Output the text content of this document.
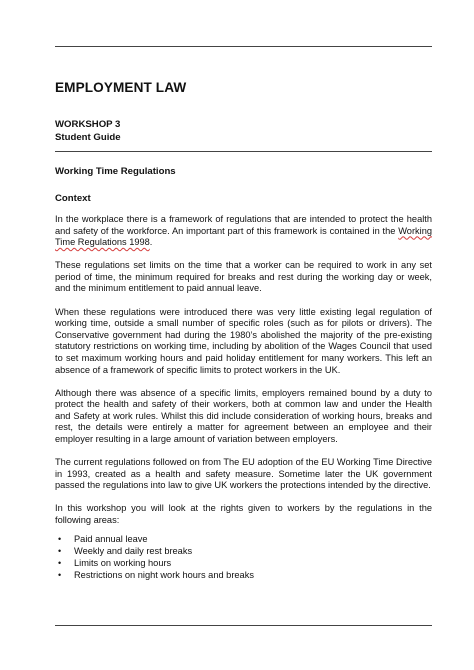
EMPLOYMENT LAW
WORKSHOP 3
Student Guide
Working Time Regulations
Context

In the workplace there is a framework of regulations that are intended to protect the health and safety of the workforce. An important part of this framework is contained in the Working Time Regulations 1998.

These regulations set limits on the time that a worker can be required to work in any set period of time, the minimum required for breaks and rest during the working day or week, and the minimum entitlement to paid annual leave.

When these regulations were introduced there was very little existing legal regulation of working time, outside a small number of specific roles (such as for pilots or drivers). The Conservative government had during the 1980’s abolished the majority of the pre-existing statutory restrictions on working time, including by abolition of the Wages Council that used to set maximum working hours and paid holiday entitlement for many workers. This left an absence of a framework of specific limits to protect workers in the UK.

Although there was absence of a specific limits, employers remained bound by a duty to protect the health and safety of their workers, both at common law and under the Health and Safety at work rules. Whilst this did include consideration of working hours, breaks and rest, the details were entirely a matter for agreement between an employee and their employer resulting in a large amount of variation between employers.

The current regulations followed on from The EU adoption of the EU Working Time Directive in 1993, created as a health and safety measure. Sometime later the UK government passed the regulations into law to give UK workers the protections intended by the directive.

In this workshop you will look at the rights given to workers by the regulations in the following areas:

• Paid annual leave
• Weekly and daily rest breaks
• Limits on working hours
• Restrictions on night work hours and breaks
